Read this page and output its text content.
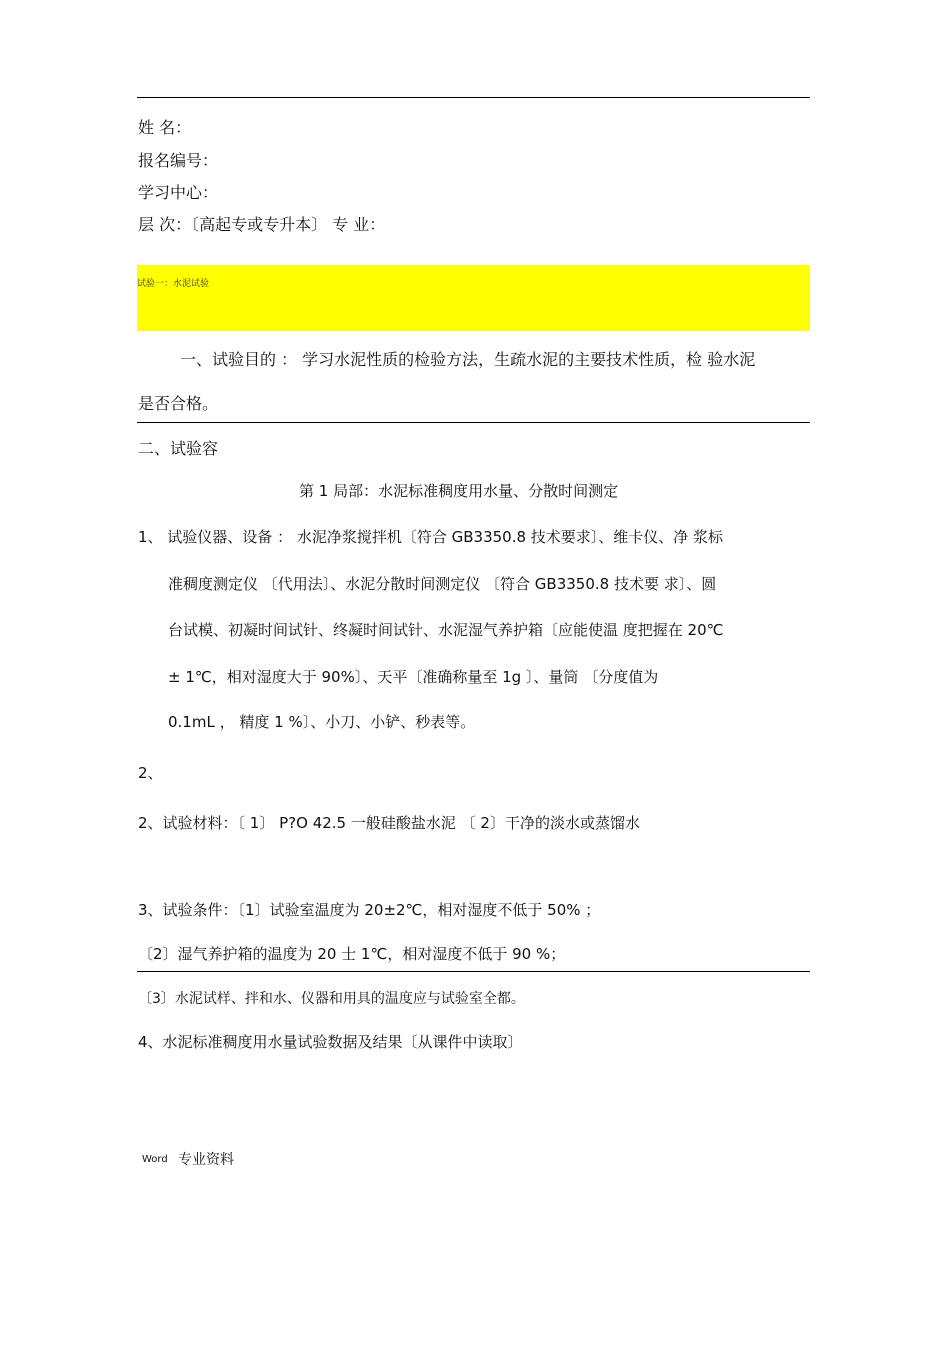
姓 名：
报名编号：
学习中心：
层 次：〔高起专或专升本〕 专 业：
试验一：水泥试验
一、试验目的 ： 学习水泥性质的检验方法，生疏水泥的主要技术性质，检 验水泥
是否合格。
二、试验容
第 1 局部：水泥标准稠度用水量、分散时间测定
1、 试验仪器、设备 ： 水泥净浆搅拌机〔符合 GB3350.8 技术要求〕、维卡仪、净 浆标
准稠度测定仪 〔代用法〕、水泥分散时间测定仪 〔符合 GB3350.8 技术要 求〕、圆
台试模、初凝时间试针、终凝时间试针、水泥湿气养护箱〔应能使温 度把握在 20℃
± 1℃，相对湿度大于 90%〕、天平〔准确称量至 1g 〕、量筒 〔分度值为
0.1mL ， 精度 1 %〕、小刀、小铲、秒表等。
2、
2、试验材料：〔 1〕 P?O 42.5 一般硅酸盐水泥 〔 2〕干净的淡水或蒸馏水
3、试验条件：〔1〕试验室温度为 20±2℃，相对湿度不低于 50% ；
〔2〕湿气养护箱的温度为 20 士 1℃，相对湿度不低于 90 %；
〔3〕水泥试样、拌和水、仪器和用具的温度应与试验室全都。
4、水泥标准稠度用水量试验数据及结果〔从课件中读取〕
Word 专业资料
